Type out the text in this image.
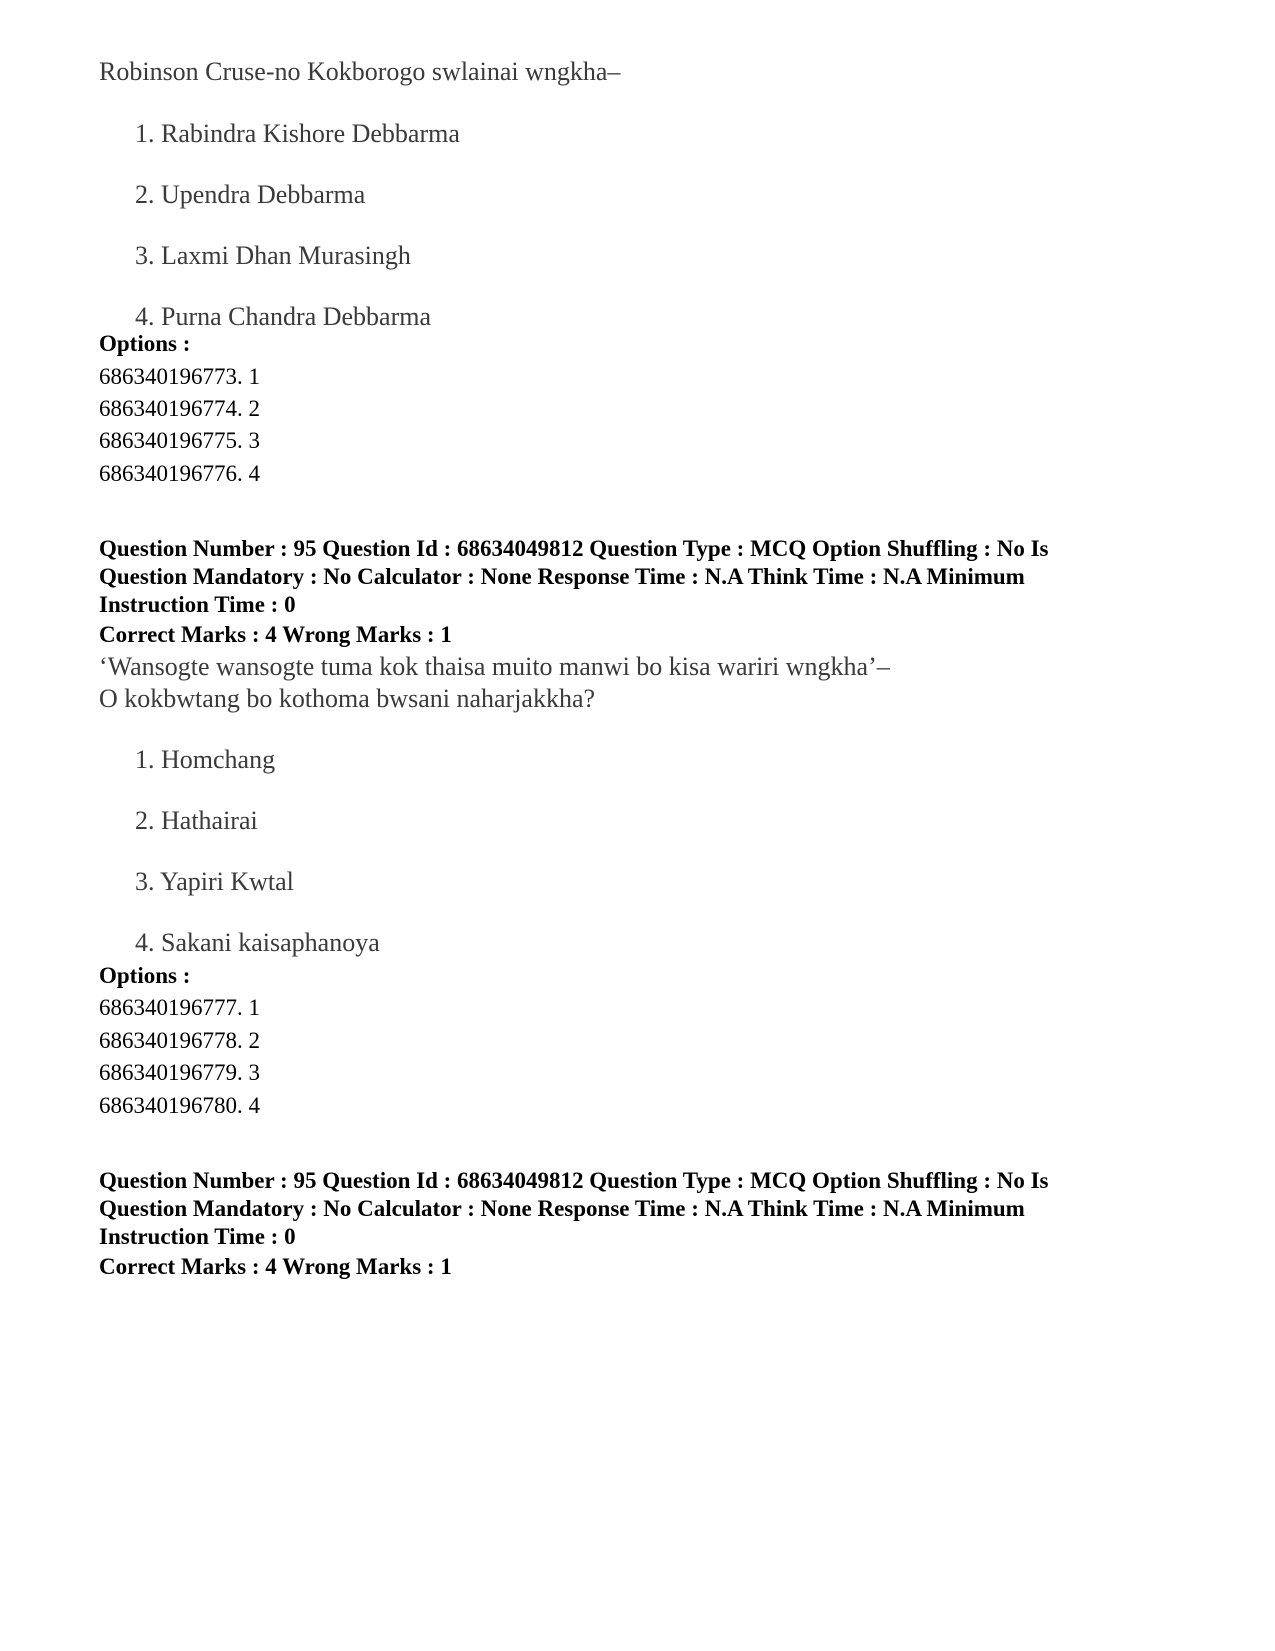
Robinson Cruse-no Kokborogo swlainai wngkha–
1. Rabindra Kishore Debbarma
2. Upendra Debbarma
3. Laxmi Dhan Murasingh
4. Purna Chandra Debbarma
Options :
686340196773. 1
686340196774. 2
686340196775. 3
686340196776. 4
Question Number : 95 Question Id : 68634049812 Question Type : MCQ Option Shuffling : No Is
Question Mandatory : No Calculator : None Response Time : N.A Think Time : N.A Minimum
Instruction Time : 0
Correct Marks : 4 Wrong Marks : 1
‘Wansogte wansogte tuma kok thaisa muito manwi bo kisa wariri wngkha’–
O kokbwtang bo kothoma bwsani naharjakkha?
1. Homchang
2. Hathairai
3. Yapiri Kwtal
4. Sakani kaisaphanoya
Options :
686340196777. 1
686340196778. 2
686340196779. 3
686340196780. 4
Question Number : 95 Question Id : 68634049812 Question Type : MCQ Option Shuffling : No Is
Question Mandatory : No Calculator : None Response Time : N.A Think Time : N.A Minimum
Instruction Time : 0
Correct Marks : 4 Wrong Marks : 1
